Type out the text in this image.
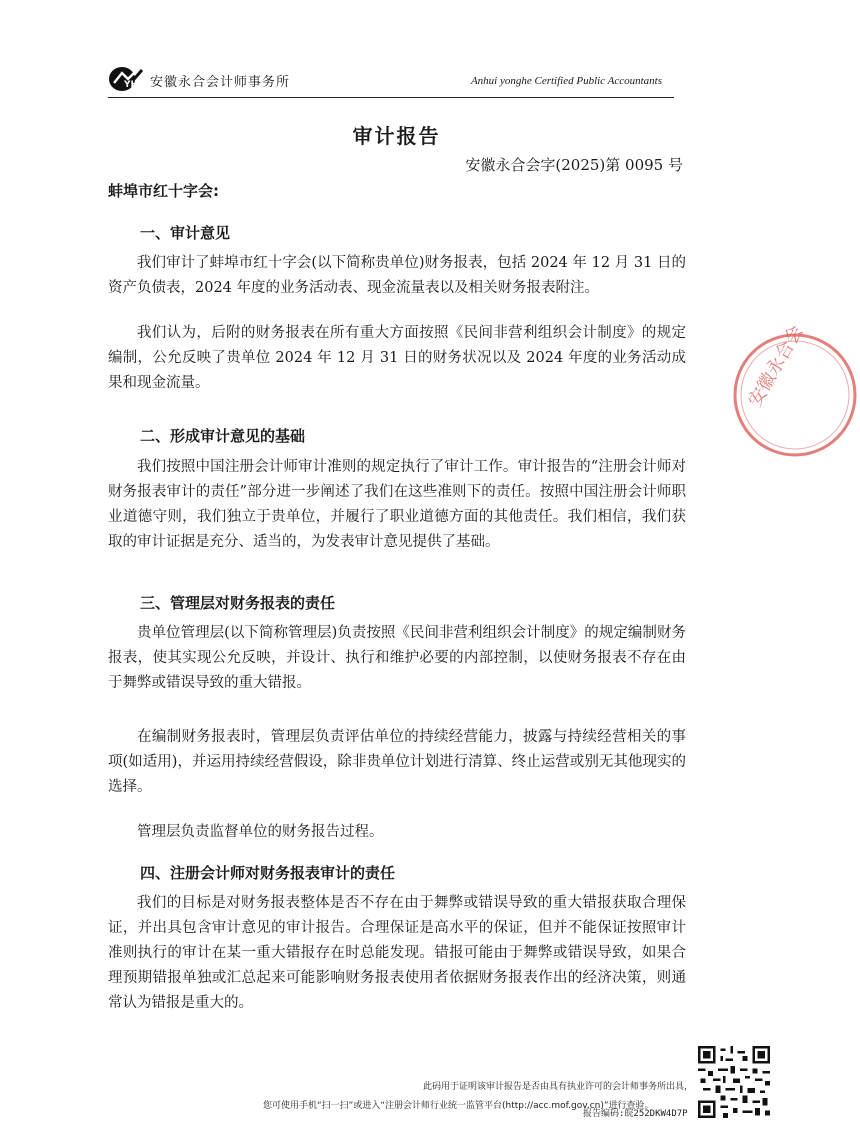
YH 安徽永合会计师事务所	Anhui yonghe Certified Public Accountants
审计报告
安徽永合会字(2025)第 0095 号
蚌埠市红十字会:
一、审计意见

我们审计了蚌埠市红十字会(以下简称贵单位)财务报表，包括 2024 年 12 月 31 日的资产负债表，2024 年度的业务活动表、现金流量表以及相关财务报表附注。

我们认为，后附的财务报表在所有重大方面按照《民间非营利组织会计制度》的规定编制，公允反映了贵单位 2024 年 12 月 31 日的财务状况以及 2024 年度的业务活动成果和现金流量。

二、形成审计意见的基础

我们按照中国注册会计师审计准则的规定执行了审计工作。审计报告的“注册会计师对财务报表审计的责任”部分进一步阐述了我们在这些准则下的责任。按照中国注册会计师职业道德守则，我们独立于贵单位，并履行了职业道德方面的其他责任。我们相信，我们获取的审计证据是充分、适当的，为发表审计意见提供了基础。

三、管理层对财务报表的责任

贵单位管理层(以下简称管理层)负责按照《民间非营利组织会计制度》的规定编制财务报表，使其实现公允反映，并设计、执行和维护必要的内部控制，以使财务报表不存在由于舞弊或错误导致的重大错报。

在编制财务报表时，管理层负责评估单位的持续经营能力，披露与持续经营相关的事项(如适用)，并运用持续经营假设，除非贵单位计划进行清算、终止运营或别无其他现实的选择。

管理层负责监督单位的财务报告过程。

四、注册会计师对财务报表审计的责任

我们的目标是对财务报表整体是否不存在由于舞弊或错误导致的重大错报获取合理保证，并出具包含审计意见的审计报告。合理保证是高水平的保证，但并不能保证按照审计准则执行的审计在某一重大错报存在时总能发现。错报可能由于舞弊或错误导致，如果合理预期错报单独或汇总起来可能影响财务报表使用者依据财务报表作出的经济决策，则通常认为错报是重大的。

安徽永合会
此码用于证明该审计报告是否由具有执业许可的会计师事务所出具，
您可使用手机“扫一扫”或进入“注册会计师行业统一监管平台(http://acc.mof.gov.cn)”进行查验。
报告编码:皖252DKW4D7P
